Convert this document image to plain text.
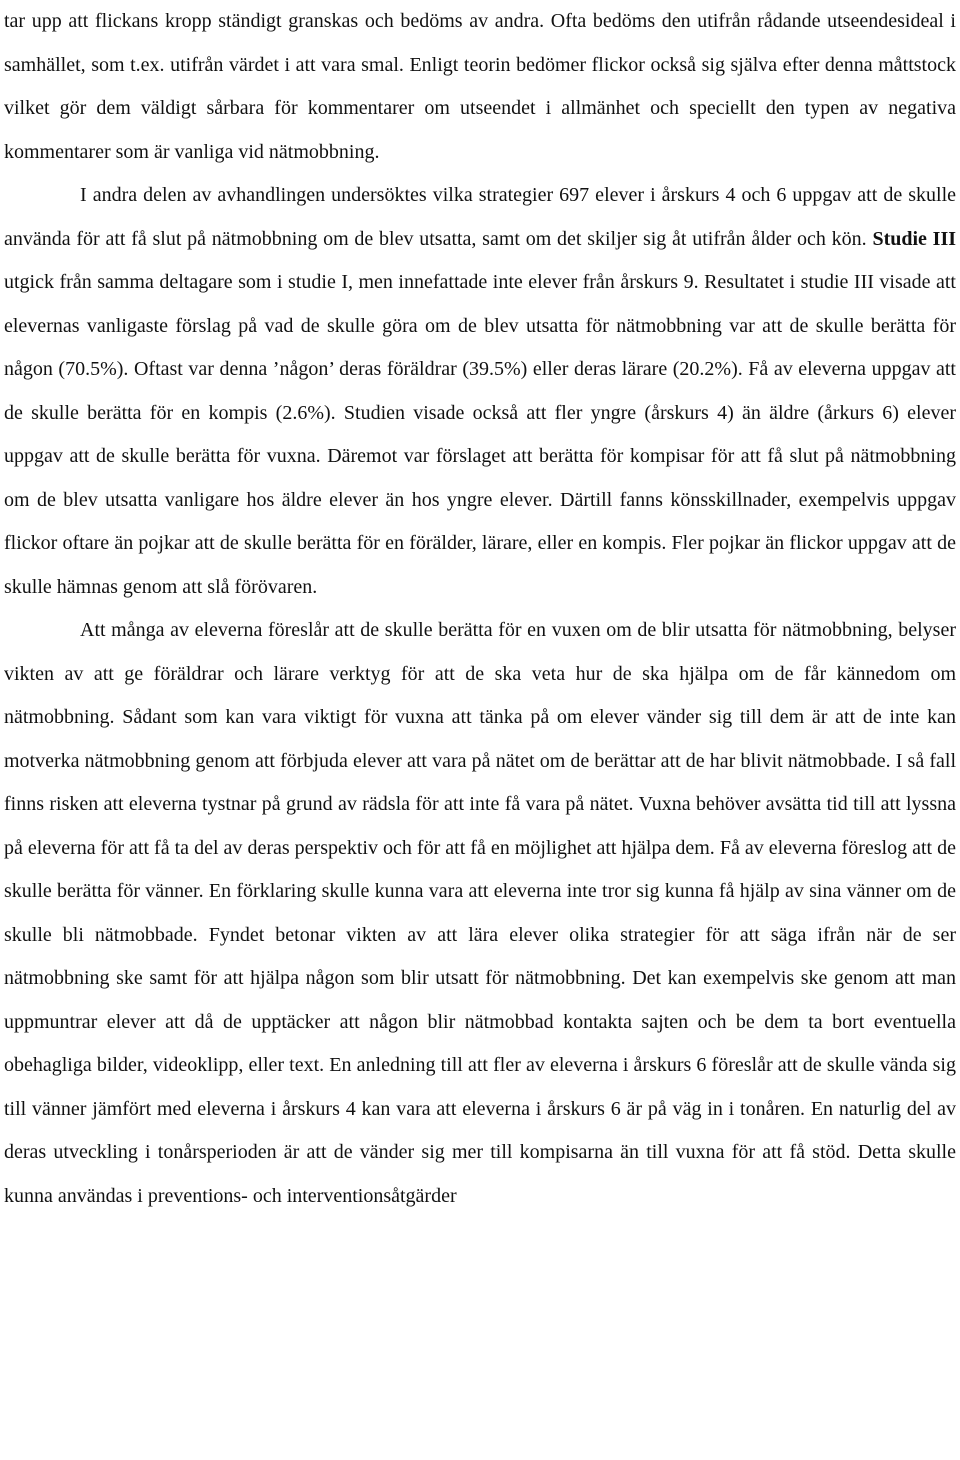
tar upp att flickans kropp ständigt granskas och bedöms av andra. Ofta bedöms den utifrån rådande utseendesideal i samhället, som t.ex. utifrån värdet i att vara smal. Enligt teorin bedömer flickor också sig själva efter denna måttstock vilket gör dem väldigt sårbara för kommentarer om utseendet i allmänhet och speciellt den typen av negativa kommentarer som är vanliga vid nätmobbning.

I andra delen av avhandlingen undersöktes vilka strategier 697 elever i årskurs 4 och 6 uppgav att de skulle använda för att få slut på nätmobbning om de blev utsatta, samt om det skiljer sig åt utifrån ålder och kön. Studie III utgick från samma deltagare som i studie I, men innefattade inte elever från årskurs 9. Resultatet i studie III visade att elevernas vanligaste förslag på vad de skulle göra om de blev utsatta för nätmobbning var att de skulle berätta för någon (70.5%). Oftast var denna ’någon’ deras föräldrar (39.5%) eller deras lärare (20.2%). Få av eleverna uppgav att de skulle berätta för en kompis (2.6%). Studien visade också att fler yngre (årskurs 4) än äldre (årkurs 6) elever uppgav att de skulle berätta för vuxna. Däremot var förslaget att berätta för kompisar för att få slut på nätmobbning om de blev utsatta vanligare hos äldre elever än hos yngre elever. Därtill fanns könsskillnader, exempelvis uppgav flickor oftare än pojkar att de skulle berätta för en förälder, lärare, eller en kompis. Fler pojkar än flickor uppgav att de skulle hämnas genom att slå förövaren.

Att många av eleverna föreslår att de skulle berätta för en vuxen om de blir utsatta för nätmobbning, belyser vikten av att ge föräldrar och lärare verktyg för att de ska veta hur de ska hjälpa om de får kännedom om nätmobbning. Sådant som kan vara viktigt för vuxna att tänka på om elever vänder sig till dem är att de inte kan motverka nätmobbning genom att förbjuda elever att vara på nätet om de berättar att de har blivit nätmobbade. I så fall finns risken att eleverna tystnar på grund av rädsla för att inte få vara på nätet. Vuxna behöver avsätta tid till att lyssna på eleverna för att få ta del av deras perspektiv och för att få en möjlighet att hjälpa dem. Få av eleverna föreslog att de skulle berätta för vänner. En förklaring skulle kunna vara att eleverna inte tror sig kunna få hjälp av sina vänner om de skulle bli nätmobbade. Fyndet betonar vikten av att lära elever olika strategier för att säga ifrån när de ser nätmobbning ske samt för att hjälpa någon som blir utsatt för nätmobbning. Det kan exempelvis ske genom att man uppmuntrar elever att då de upptäcker att någon blir nätmobbad kontakta sajten och be dem ta bort eventuella obehagliga bilder, videoklipp, eller text. En anledning till att fler av eleverna i årskurs 6 föreslår att de skulle vända sig till vänner jämfört med eleverna i årskurs 4 kan vara att eleverna i årskurs 6 är på väg in i tonåren. En naturlig del av deras utveckling i tonårsperioden är att de vänder sig mer till kompisarna än till vuxna för att få stöd. Detta skulle kunna användas i preventions- och interventionsåtgärder
